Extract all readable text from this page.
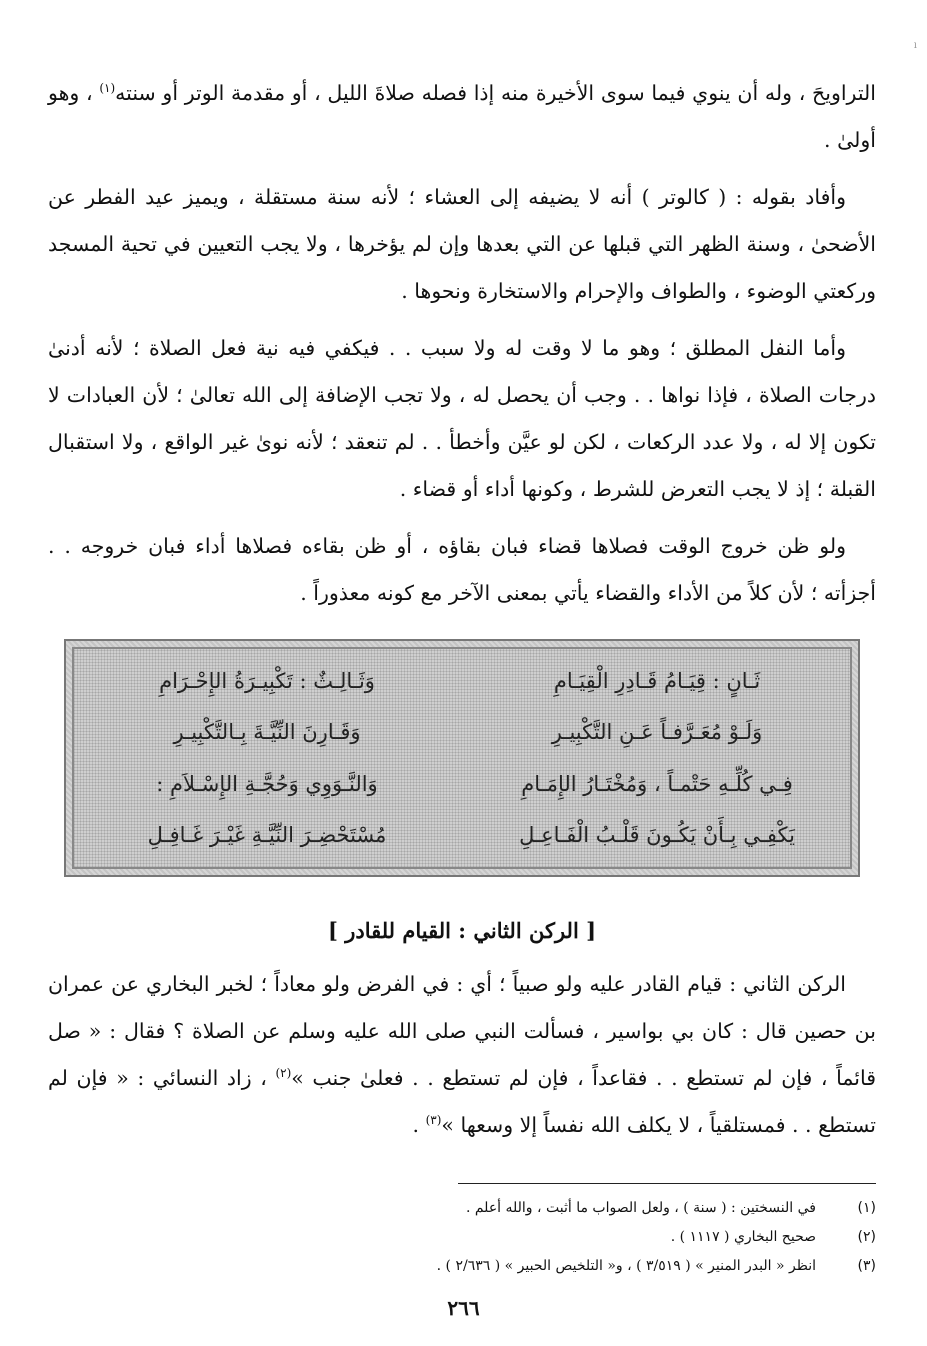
ı

التراويحَ ، وله أن ينوي فيما سوى الأخيرة منه إذا فصله صلاةَ الليل ، أو مقدمة الوتر أو سنته$^{(١)}$ ، وهو أولىٰ .

وأفاد بقوله : ( كالوتر ) أنه لا يضيفه إلى العشاء ؛ لأنه سنة مستقلة ، ويميز عيد الفطر عن الأضحىٰ ، وسنة الظهر التي قبلها عن التي بعدها وإن لم يؤخرها ، ولا يجب التعيين في تحية المسجد وركعتي الوضوء ، والطواف والإحرام والاستخارة ونحوها .

وأما النفل المطلق ؛ وهو ما لا وقت له ولا سبب . . فيكفي فيه نية فعل الصلاة ؛ لأنه أدنىٰ درجات الصلاة ، فإذا نواها . . وجب أن يحصل له ، ولا تجب الإضافة إلى الله تعالىٰ ؛ لأن العبادات لا تكون إلا له ، ولا عدد الركعات ، لكن لو عيَّن وأخطأ . . لم تنعقد ؛ لأنه نوىٰ غير الواقع ، ولا استقبال القبلة ؛ إذ لا يجب التعرض للشرط ، وكونها أداء أو قضاء .

ولو ظن خروج الوقت فصلاها قضاء فبان بقاؤه ، أو ظن بقاءه فصلاها أداء فبان خروجه . . أجزأته ؛ لأن كلاً من الأداء والقضاء يأتي بمعنى الآخر مع كونه معذوراً .

ثَـانٍ : قِيَـامُ قَـادِرِ الْقِيَـامِ
وَثَـالِـثٌ : تَكْبِيـرَةُ الإِحْـرَامِ
وَلَـوْ مُعَـرَّفـاً عَـنِ التَّكْبِيـرِ
وَقَـارِنَ النِّيَّـةَ بِـالتَّكْبِيـرِ
فِـي كُلِّـهِ حَتْمـاً ، وَمُخْتَـارُ الإِمَـامِ
وَالنَّـوَوِي وَحُجَّـةِ الإِسْـلاَمِ :
يَكْفِـي بِـأَنْ يَكُـونَ قَلْـبُ الْفَـاعِـلِ
مُسْتَحْضِـرَ النِّيَّـةِ غَيْـرَ غَـافِـلِ
[ الركن الثاني : القيام للقادر ]

الركن الثاني : قيام القادر عليه ولو صبياً ؛ أي : في الفرض ولو معاداً ؛ لخبر البخاري عن عمران بن حصين قال : كان بي بواسير ، فسألت النبي صلى الله عليه وسلم عن الصلاة ؟ فقال : « صل قائماً ، فإن لم تستطع . . فقاعداً ، فإن لم تستطع . . فعلىٰ جنب »$^{(٢)}$ ، زاد النسائي : « فإن لم تستطع . . فمستلقياً ، لا يكلف الله نفساً إلا وسعها »$^{(٣)}$ .

(١)
في النسختين : ( سنة ) ، ولعل الصواب ما أثبت ، والله أعلم .
(٢)
صحيح البخاري ( ١١١٧ ) .
(٣)
انظر « البدر المنير » ( ٣/٥١٩ ) ، و« التلخيص الحبير » ( ٢/٦٣٦ ) .
٢٦٦
